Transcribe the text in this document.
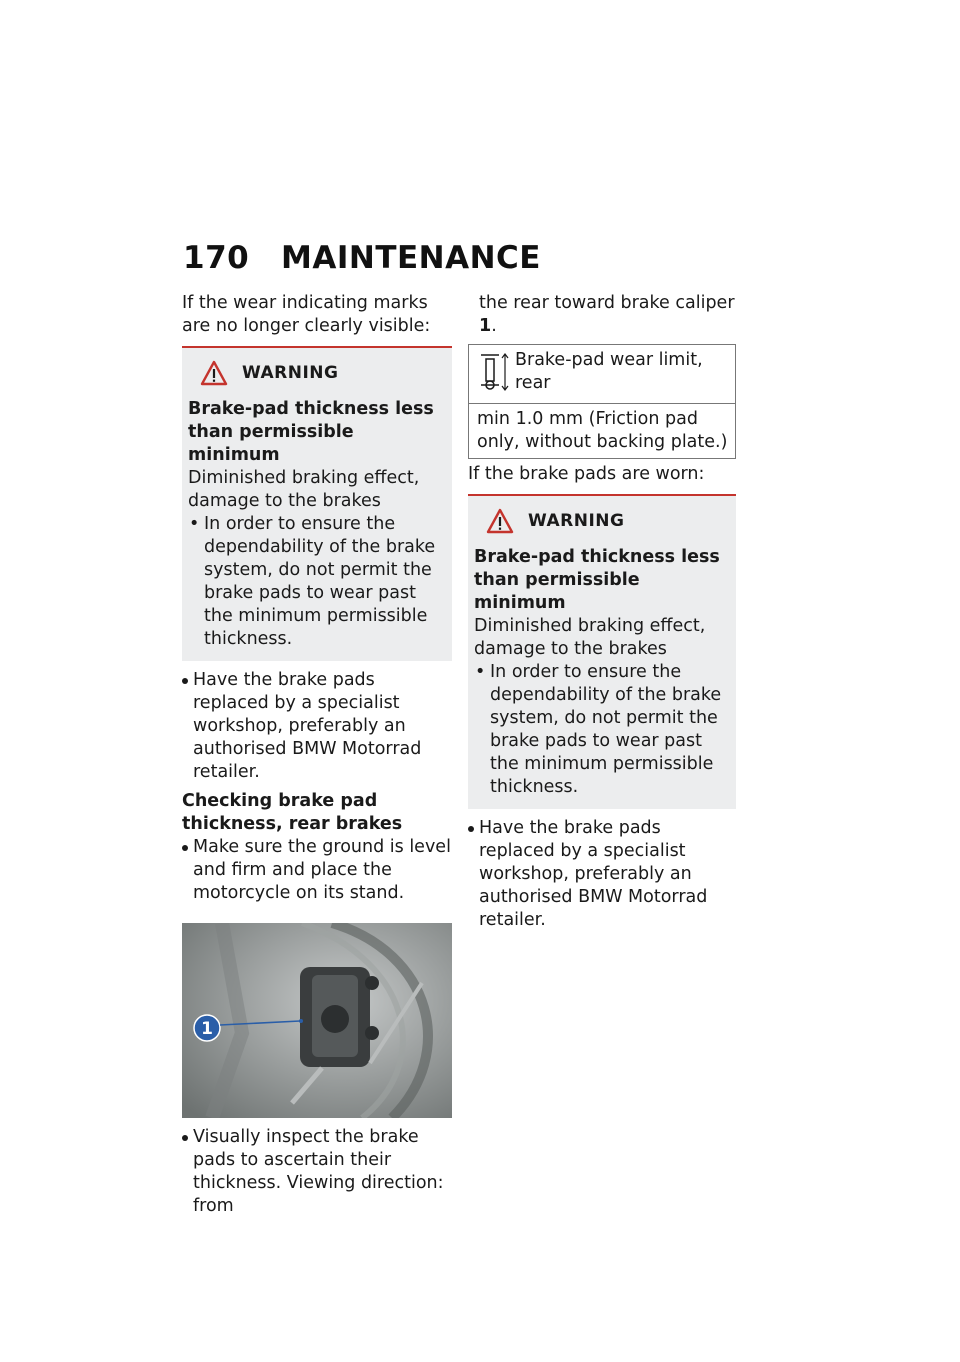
170 MAINTENANCE

If the wear indicating marks are no longer clearly visible:

WARNING

Brake-pad thickness less than permissible minimum

Diminished braking effect, damage to the brakes

• In order to ensure the dependability of the brake system, do not permit the brake pads to wear past the minimum permissible thickness.

Have the brake pads replaced by a specialist workshop, preferably an authorised BMW Motorrad retailer.

Checking brake pad thickness, rear brakes

Make sure the ground is level and firm and place the motorcycle on its stand.

1

Visually inspect the brake pads to ascertain their thickness. Viewing direction: from

the rear toward brake caliper 1.

Brake-pad wear limit, rear
min 1.0 mm (Friction pad only, without backing plate.)

If the brake pads are worn:

WARNING

Brake-pad thickness less than permissible minimum

Diminished braking effect, damage to the brakes

• In order to ensure the dependability of the brake system, do not permit the brake pads to wear past the minimum permissible thickness.

Have the brake pads replaced by a specialist workshop, preferably an authorised BMW Motorrad retailer.
